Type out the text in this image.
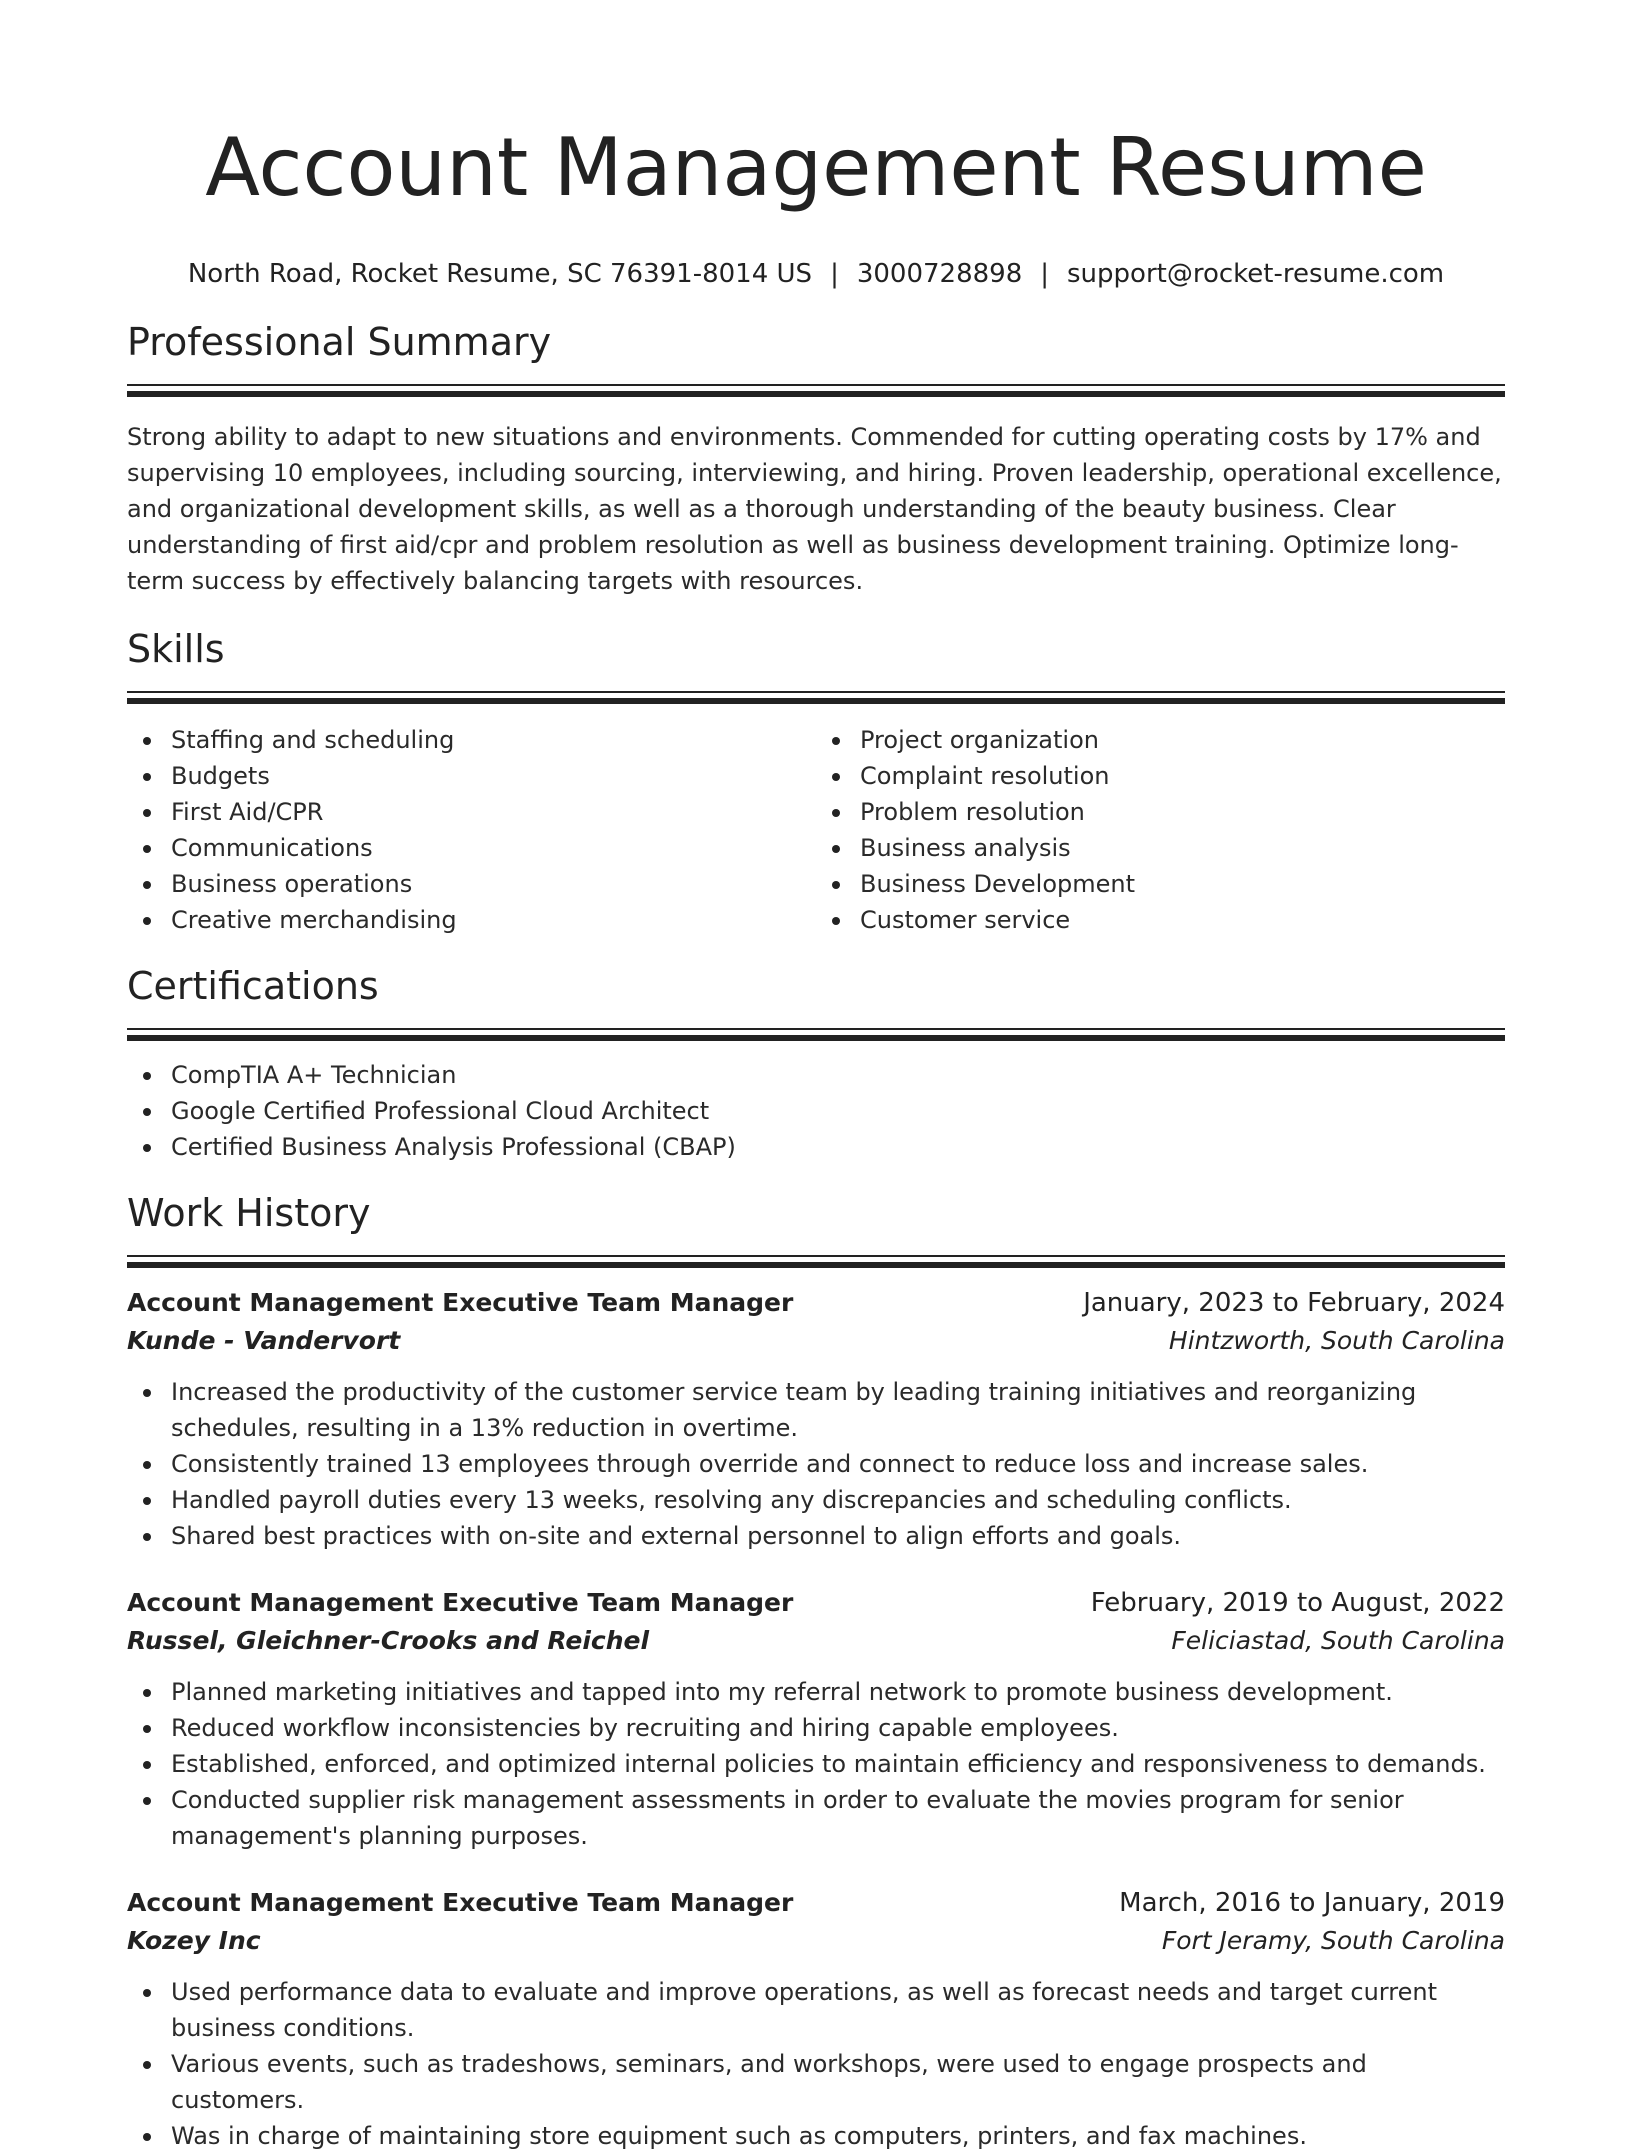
Account Management Resume
North Road, Rocket Resume, SC 76391-8014 US | 3000728898 | support@rocket-resume.com
Professional Summary

Strong ability to adapt to new situations and environments. Commended for cutting operating costs by 17% and supervising 10 employees, including sourcing, interviewing, and hiring. Proven leadership, operational excellence, and organizational development skills, as well as a thorough understanding of the beauty business. Clear understanding of first aid/cpr and problem resolution as well as business development training. Optimize long-term success by effectively balancing targets with resources.

Skills
Staffing and scheduling
Budgets
First Aid/CPR
Communications
Business operations
Creative merchandising
Project organization
Complaint resolution
Problem resolution
Business analysis
Business Development
Customer service
Certifications
CompTIA A+ Technician
Google Certified Professional Cloud Architect
Certified Business Analysis Professional (CBAP)
Work History
Account Management Executive Team Manager	January, 2023 to February, 2024
Kunde - Vandervort	Hintzworth, South Carolina
Increased the productivity of the customer service team by leading training initiatives and reorganizing schedules, resulting in a 13% reduction in overtime.
Consistently trained 13 employees through override and connect to reduce loss and increase sales.
Handled payroll duties every 13 weeks, resolving any discrepancies and scheduling conflicts.
Shared best practices with on-site and external personnel to align efforts and goals.
Account Management Executive Team Manager	February, 2019 to August, 2022
Russel, Gleichner-Crooks and Reichel	Feliciastad, South Carolina
Planned marketing initiatives and tapped into my referral network to promote business development.
Reduced workflow inconsistencies by recruiting and hiring capable employees.
Established, enforced, and optimized internal policies to maintain efficiency and responsiveness to demands.
Conducted supplier risk management assessments in order to evaluate the movies program for senior management's planning purposes.
Account Management Executive Team Manager	March, 2016 to January, 2019
Kozey Inc	Fort Jeramy, South Carolina
Used performance data to evaluate and improve operations, as well as forecast needs and target current business conditions.
Various events, such as tradeshows, seminars, and workshops, were used to engage prospects and customers.
Was in charge of maintaining store equipment such as computers, printers, and fax machines.
